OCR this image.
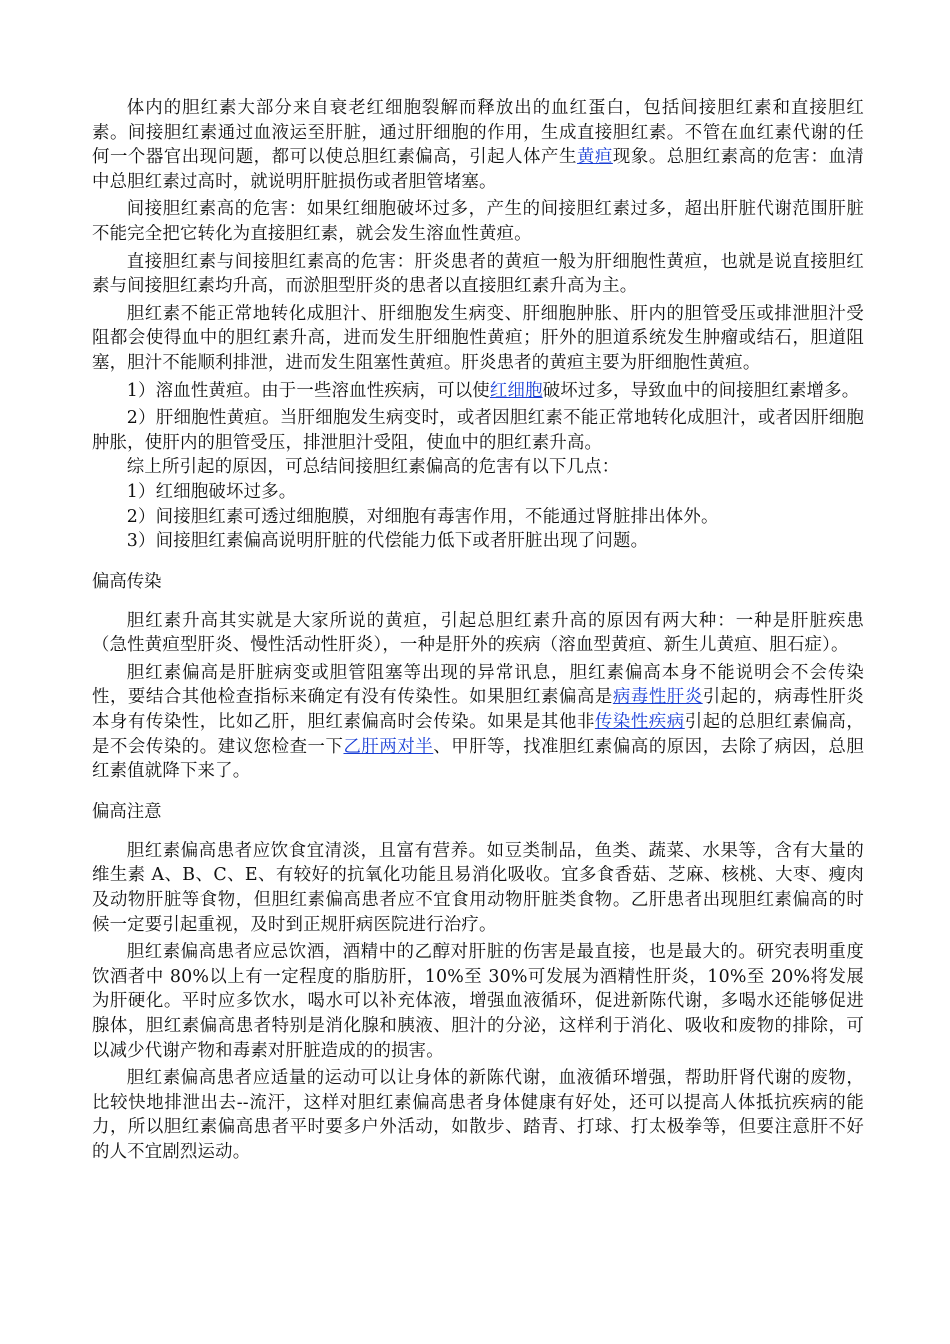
体内的胆红素大部分来自衰老红细胞裂解而释放出的血红蛋白，包括间接胆红素和直接胆红素。间接胆红素通过血液运至肝脏，通过肝细胞的作用，生成直接胆红素。不管在血红素代谢的任何一个器官出现问题，都可以使总胆红素偏高，引起人体产生黄疸现象。总胆红素高的危害：血清中总胆红素过高时，就说明肝脏损伤或者胆管堵塞。

间接胆红素高的危害：如果红细胞破坏过多，产生的间接胆红素过多，超出肝脏代谢范围肝脏不能完全把它转化为直接胆红素，就会发生溶血性黄疸。

直接胆红素与间接胆红素高的危害：肝炎患者的黄疸一般为肝细胞性黄疸，也就是说直接胆红素与间接胆红素均升高，而淤胆型肝炎的患者以直接胆红素升高为主。

胆红素不能正常地转化成胆汁、肝细胞发生病变、肝细胞肿胀、肝内的胆管受压或排泄胆汁受阻都会使得血中的胆红素升高，进而发生肝细胞性黄疸；肝外的胆道系统发生肿瘤或结石，胆道阻塞，胆汁不能顺利排泄，进而发生阻塞性黄疸。肝炎患者的黄疸主要为肝细胞性黄疸。

1）溶血性黄疸。由于一些溶血性疾病，可以使红细胞破坏过多，导致血中的间接胆红素增多。

2）肝细胞性黄疸。当肝细胞发生病变时，或者因胆红素不能正常地转化成胆汁，或者因肝细胞肿胀，使肝内的胆管受压，排泄胆汁受阻，使血中的胆红素升高。

综上所引起的原因，可总结间接胆红素偏高的危害有以下几点：

1）红细胞破坏过多。

2）间接胆红素可透过细胞膜，对细胞有毒害作用，不能通过肾脏排出体外。

3）间接胆红素偏高说明肝脏的代偿能力低下或者肝脏出现了问题。

偏高传染

胆红素升高其实就是大家所说的黄疸，引起总胆红素升高的原因有两大种：一种是肝脏疾患（急性黄疸型肝炎、慢性活动性肝炎），一种是肝外的疾病（溶血型黄疸、新生儿黄疸、胆石症）。

胆红素偏高是肝脏病变或胆管阻塞等出现的异常讯息，胆红素偏高本身不能说明会不会传染性，要结合其他检查指标来确定有没有传染性。如果胆红素偏高是病毒性肝炎引起的，病毒性肝炎本身有传染性，比如乙肝，胆红素偏高时会传染。如果是其他非传染性疾病引起的总胆红素偏高，是不会传染的。建议您检查一下乙肝两对半、甲肝等，找准胆红素偏高的原因，去除了病因，总胆红素值就降下来了。

偏高注意

胆红素偏高患者应饮食宜清淡，且富有营养。如豆类制品，鱼类、蔬菜、水果等，含有大量的维生素 A、B、C、E、有较好的抗氧化功能且易消化吸收。宜多食香菇、芝麻、核桃、大枣、瘦肉及动物肝脏等食物，但胆红素偏高患者应不宜食用动物肝脏类食物。乙肝患者出现胆红素偏高的时候一定要引起重视，及时到正规肝病医院进行治疗。

胆红素偏高患者应忌饮酒，酒精中的乙醇对肝脏的伤害是最直接，也是最大的。研究表明重度饮酒者中 80%以上有一定程度的脂肪肝，10%至 30%可发展为酒精性肝炎，10%至 20%将发展为肝硬化。平时应多饮水，喝水可以补充体液，增强血液循环，促进新陈代谢，多喝水还能够促进腺体，胆红素偏高患者特别是消化腺和胰液、胆汁的分泌，这样利于消化、吸收和废物的排除，可以减少代谢产物和毒素对肝脏造成的的损害。

胆红素偏高患者应适量的运动可以让身体的新陈代谢，血液循环增强，帮助肝肾代谢的废物，比较快地排泄出去--流汗，这样对胆红素偏高患者身体健康有好处，还可以提高人体抵抗疾病的能力，所以胆红素偏高患者平时要多户外活动，如散步、踏青、打球、打太极拳等，但要注意肝不好的人不宜剧烈运动。
